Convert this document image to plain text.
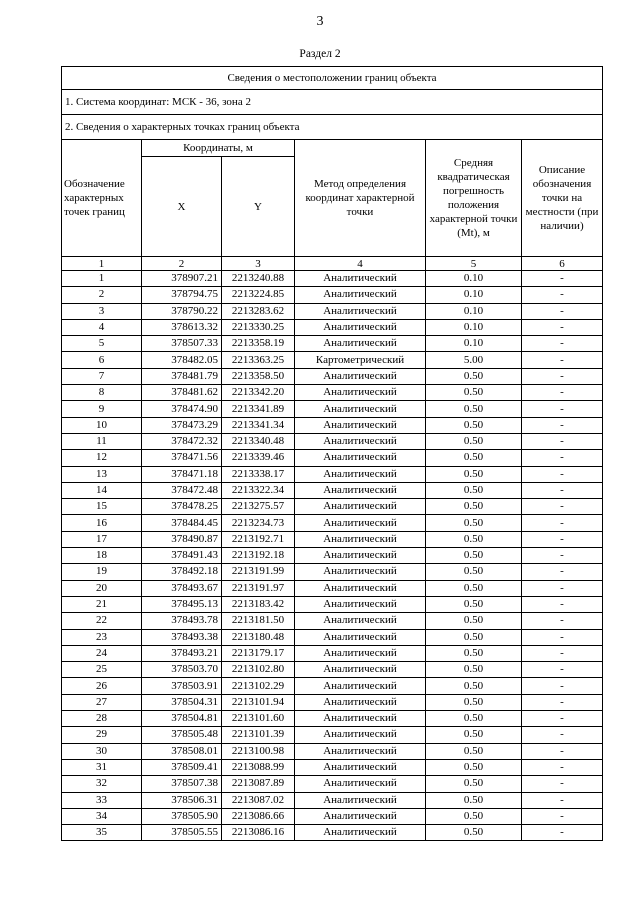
3
Раздел 2
Сведения о местоположении границ объекта					
1. Система координат: МСК - 36, зона 2					
2. Сведения о характерных точках границ объекта					
Обозначение характерных точек границ	Координаты, м		Метод определения координат характерной точки	Средняя квадратическая погрешность положения характерной точки (Mt), м	Описание обозначения точки на местности (при наличии)
	X	Y			
1	2	3	4	5	6
1	378907.21	2213240.88	Аналитический	0.10	-
2	378794.75	2213224.85	Аналитический	0.10	-
3	378790.22	2213283.62	Аналитический	0.10	-
4	378613.32	2213330.25	Аналитический	0.10	-
5	378507.33	2213358.19	Аналитический	0.10	-
6	378482.05	2213363.25	Картометрический	5.00	-
7	378481.79	2213358.50	Аналитический	0.50	-
8	378481.62	2213342.20	Аналитический	0.50	-
9	378474.90	2213341.89	Аналитический	0.50	-
10	378473.29	2213341.34	Аналитический	0.50	-
11	378472.32	2213340.48	Аналитический	0.50	-
12	378471.56	2213339.46	Аналитический	0.50	-
13	378471.18	2213338.17	Аналитический	0.50	-
14	378472.48	2213322.34	Аналитический	0.50	-
15	378478.25	2213275.57	Аналитический	0.50	-
16	378484.45	2213234.73	Аналитический	0.50	-
17	378490.87	2213192.71	Аналитический	0.50	-
18	378491.43	2213192.18	Аналитический	0.50	-
19	378492.18	2213191.99	Аналитический	0.50	-
20	378493.67	2213191.97	Аналитический	0.50	-
21	378495.13	2213183.42	Аналитический	0.50	-
22	378493.78	2213181.50	Аналитический	0.50	-
23	378493.38	2213180.48	Аналитический	0.50	-
24	378493.21	2213179.17	Аналитический	0.50	-
25	378503.70	2213102.80	Аналитический	0.50	-
26	378503.91	2213102.29	Аналитический	0.50	-
27	378504.31	2213101.94	Аналитический	0.50	-
28	378504.81	2213101.60	Аналитический	0.50	-
29	378505.48	2213101.39	Аналитический	0.50	-
30	378508.01	2213100.98	Аналитический	0.50	-
31	378509.41	2213088.99	Аналитический	0.50	-
32	378507.38	2213087.89	Аналитический	0.50	-
33	378506.31	2213087.02	Аналитический	0.50	-
34	378505.90	2213086.66	Аналитический	0.50	-
35	378505.55	2213086.16	Аналитический	0.50	-
